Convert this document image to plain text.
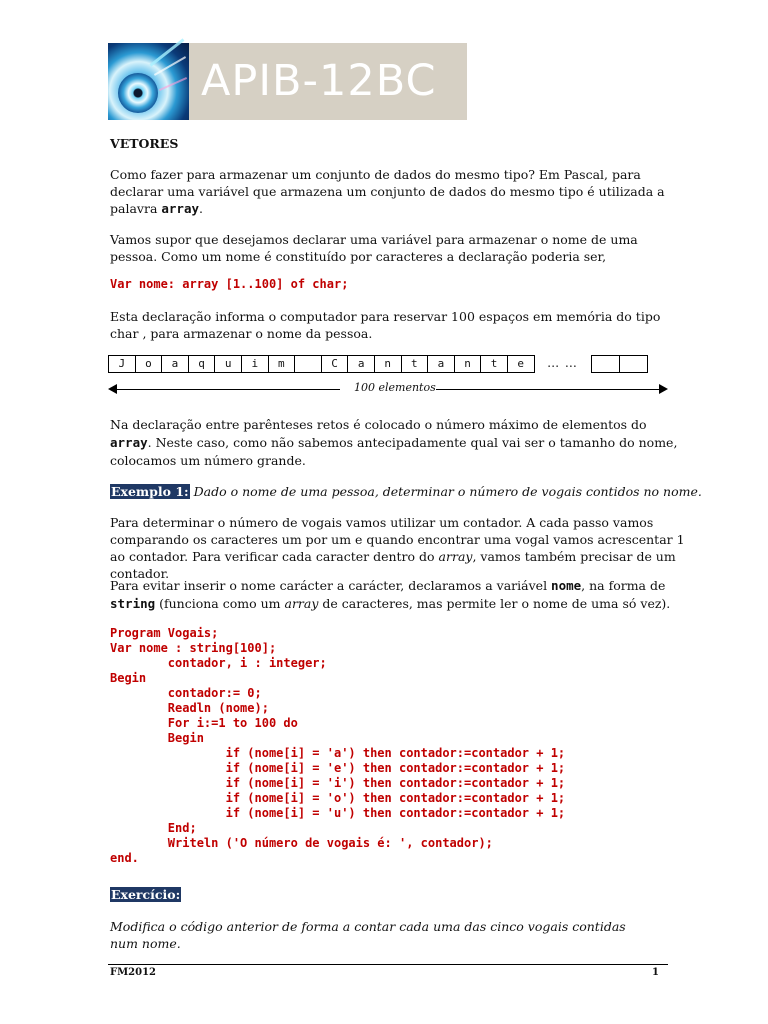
APIB-12BC
VETORES
Como fazer para armazenar um conjunto de dados do mesmo tipo? Em Pascal, para
declarar uma variável que armazena um conjunto de dados do mesmo tipo é utilizada a
palavra array.
Vamos supor que desejamos declarar uma variável para armazenar o nome de uma
pessoa. Como um nome é constituído por caracteres a declaração poderia ser,
Var nome: array [1..100] of char;
Esta declaração informa o computador para reservar 100 espaços em memória do tipo
char , para armazenar o nome da pessoa.
J	o	a	q	u	i	m	C	a	n	t	a	n	t	e	… …
100 elementos
Na declaração entre parênteses retos é colocado o número máximo de elementos do
array. Neste caso, como não sabemos antecipadamente qual vai ser o tamanho do nome,
colocamos um número grande.
Exemplo 1: Dado o nome de uma pessoa, determinar o número de vogais contidos no nome.
Para determinar o número de vogais vamos utilizar um contador. A cada passo vamos
comparando os caracteres um por um e quando encontrar uma vogal vamos acrescentar 1
ao contador. Para verificar cada caracter dentro do array, vamos também precisar de um
contador.
Para evitar inserir o nome carácter a carácter, declaramos a variável nome, na forma de
string (funciona como um array de caracteres, mas permite ler o nome de uma só vez).
Program Vogais;
Var nome : string[100];
contador, i : integer;
Begin
contador:= 0;
Readln (nome);
For i:=1 to 100 do
Begin
if (nome[i] = 'a') then contador:=contador + 1;
if (nome[i] = 'e') then contador:=contador + 1;
if (nome[i] = 'i') then contador:=contador + 1;
if (nome[i] = 'o') then contador:=contador + 1;
if (nome[i] = 'u') then contador:=contador + 1;
End;
Writeln ('O número de vogais é: ', contador);
end.
Exercício:
Modifica o código anterior de forma a contar cada uma das cinco vogais contidas
num nome.
FM2012	1
